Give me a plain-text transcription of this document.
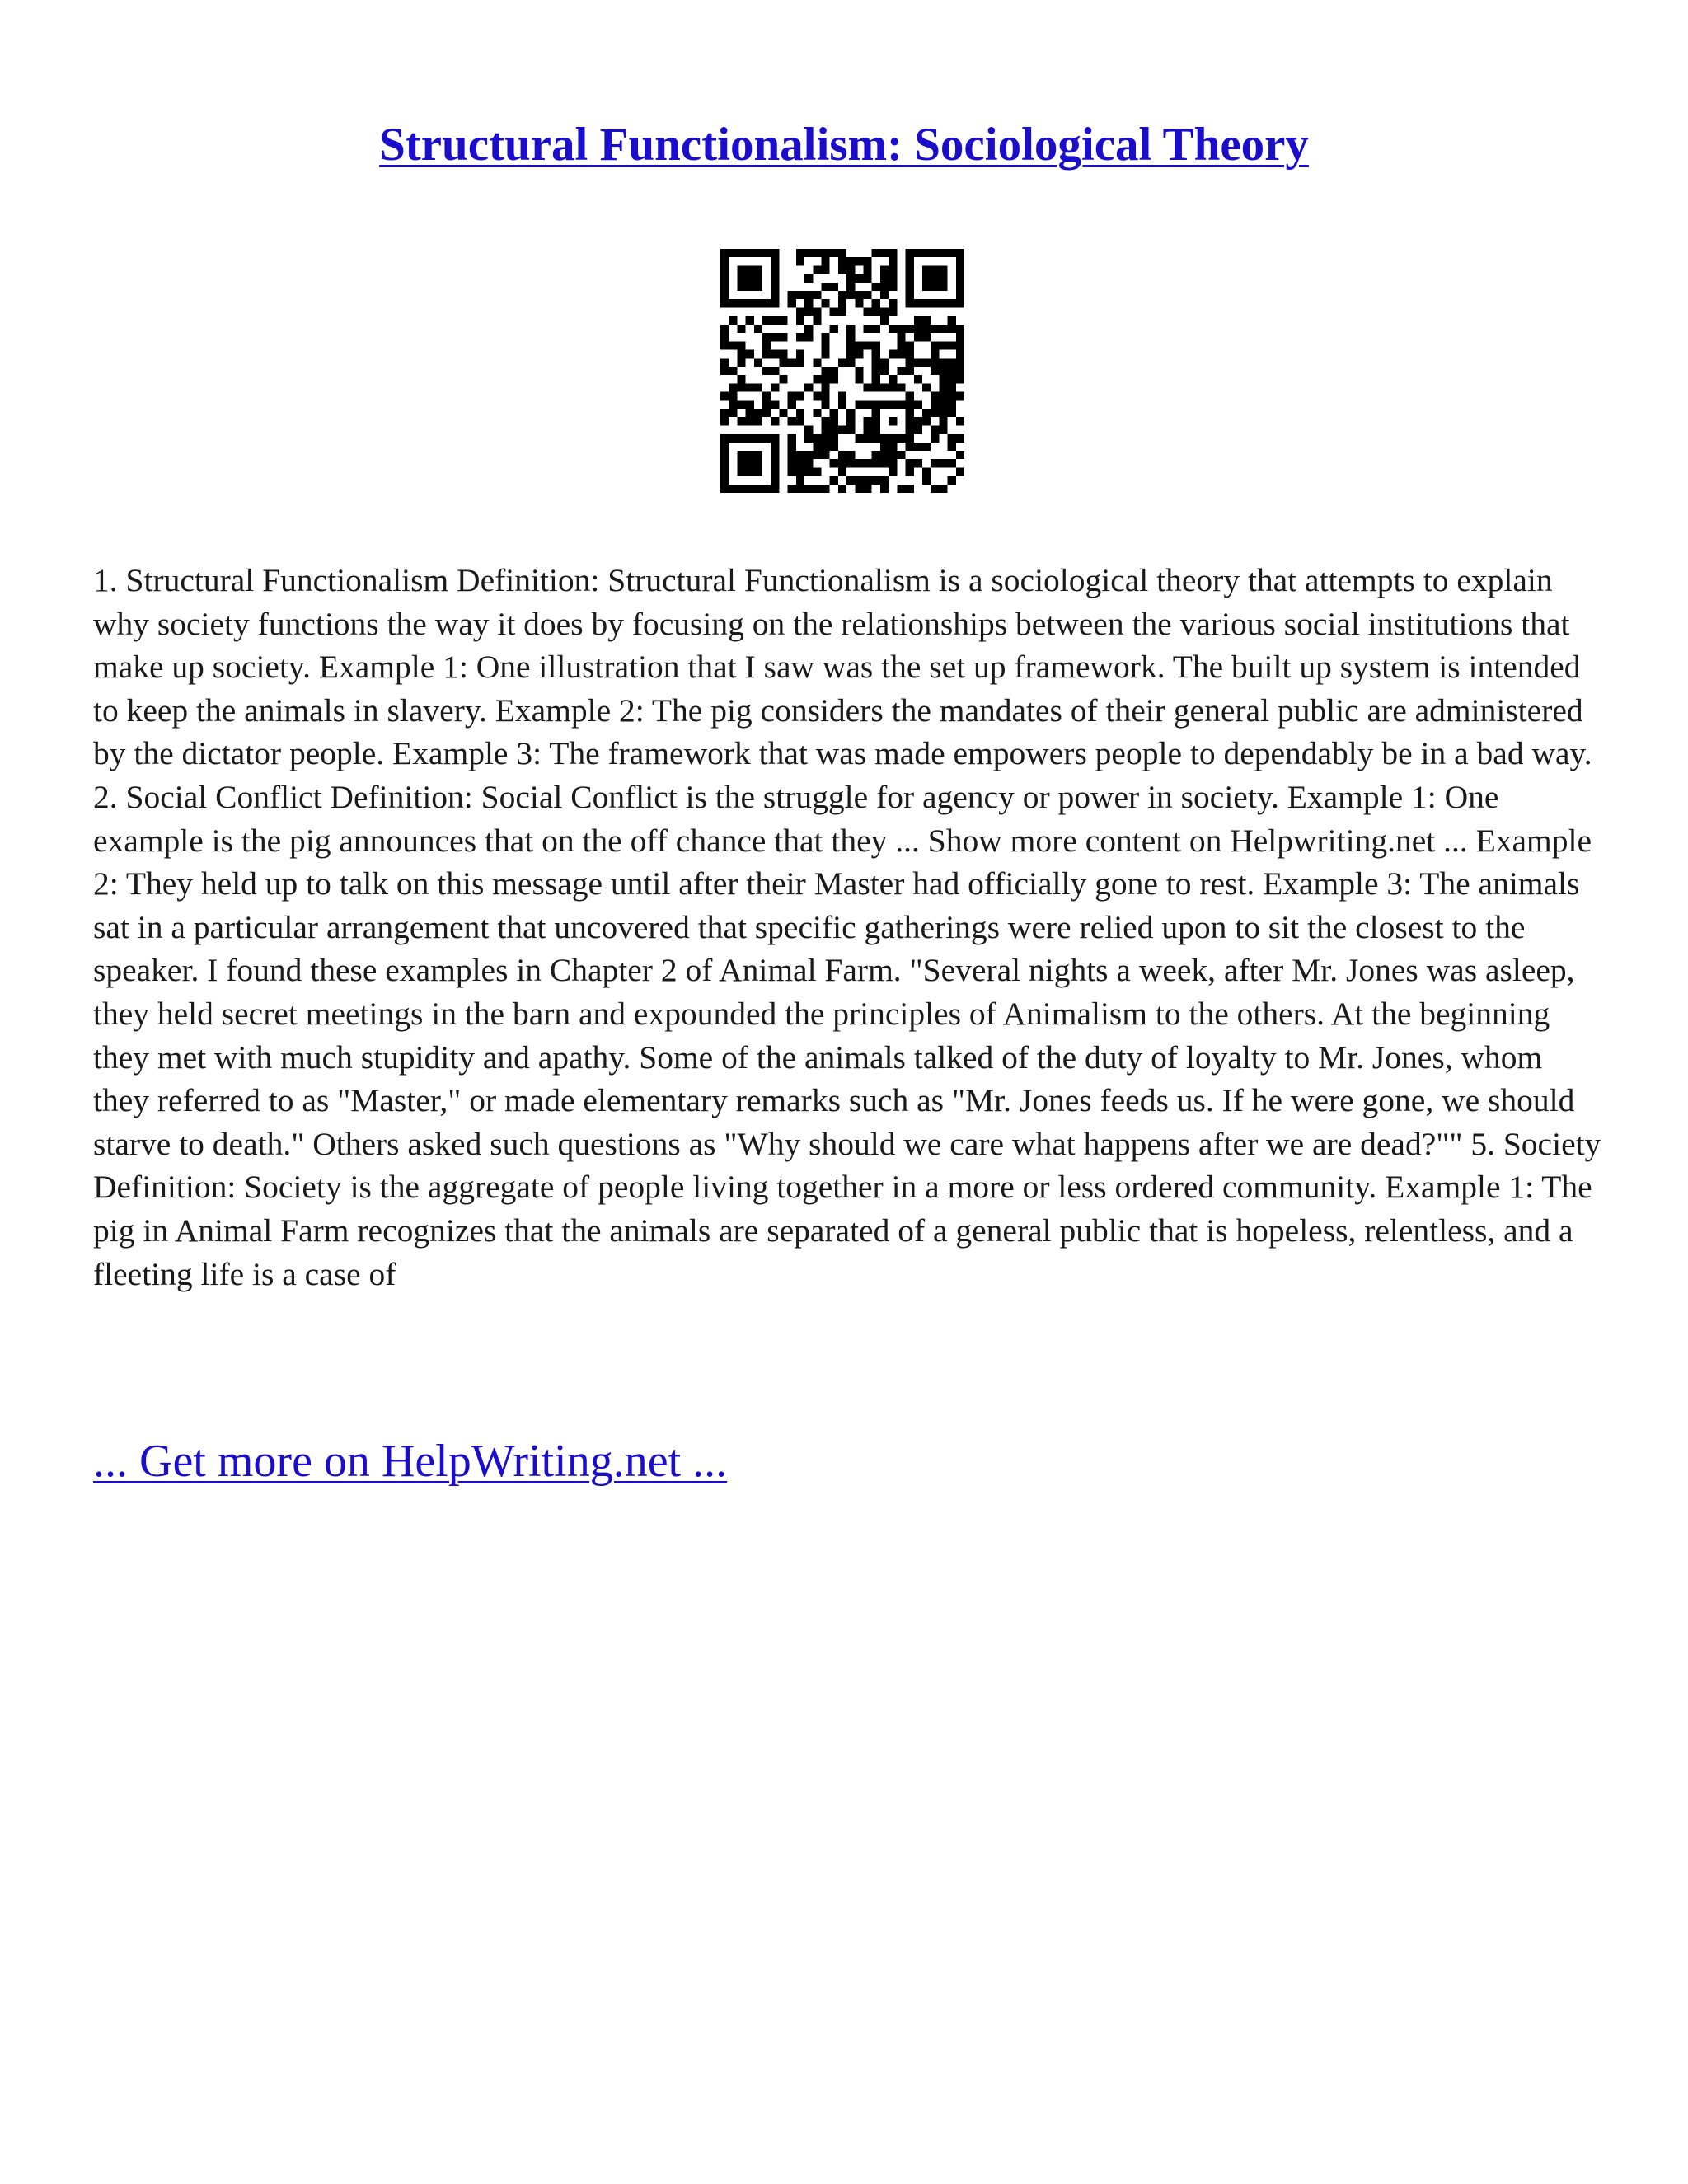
Structural Functionalism: Sociological Theory

1. Structural Functionalism Definition: Structural Functionalism is a sociological theory that attempts to explain why society functions the way it does by focusing on the relationships between the various social institutions that make up society. Example 1: One illustration that I saw was the set up framework. The built up system is intended to keep the animals in slavery. Example 2: The pig considers the mandates of their general public are administered by the dictator people. Example 3: The framework that was made empowers people to dependably be in a bad way. 2. Social Conflict Definition: Social Conflict is the struggle for agency or power in society. Example 1: One example is the pig announces that on the off chance that they ... Show more content on Helpwriting.net ... Example 2: They held up to talk on this message until after their Master had officially gone to rest. Example 3: The animals sat in a particular arrangement that uncovered that specific gatherings were relied upon to sit the closest to the speaker. I found these examples in Chapter 2 of Animal Farm. "Several nights a week, after Mr. Jones was asleep, they held secret meetings in the barn and expounded the principles of Animalism to the others. At the beginning they met with much stupidity and apathy. Some of the animals talked of the duty of loyalty to Mr. Jones, whom they referred to as "Master," or made elementary remarks such as "Mr. Jones feeds us. If he were gone, we should starve to death." Others asked such questions as "Why should we care what happens after we are dead?"" 5. Society Definition: Society is the aggregate of people living together in a more or less ordered community. Example 1: The pig in Animal Farm recognizes that the animals are separated of a general public that is hopeless, relentless, and a fleeting life is a case of

... Get more on HelpWriting.net ...
